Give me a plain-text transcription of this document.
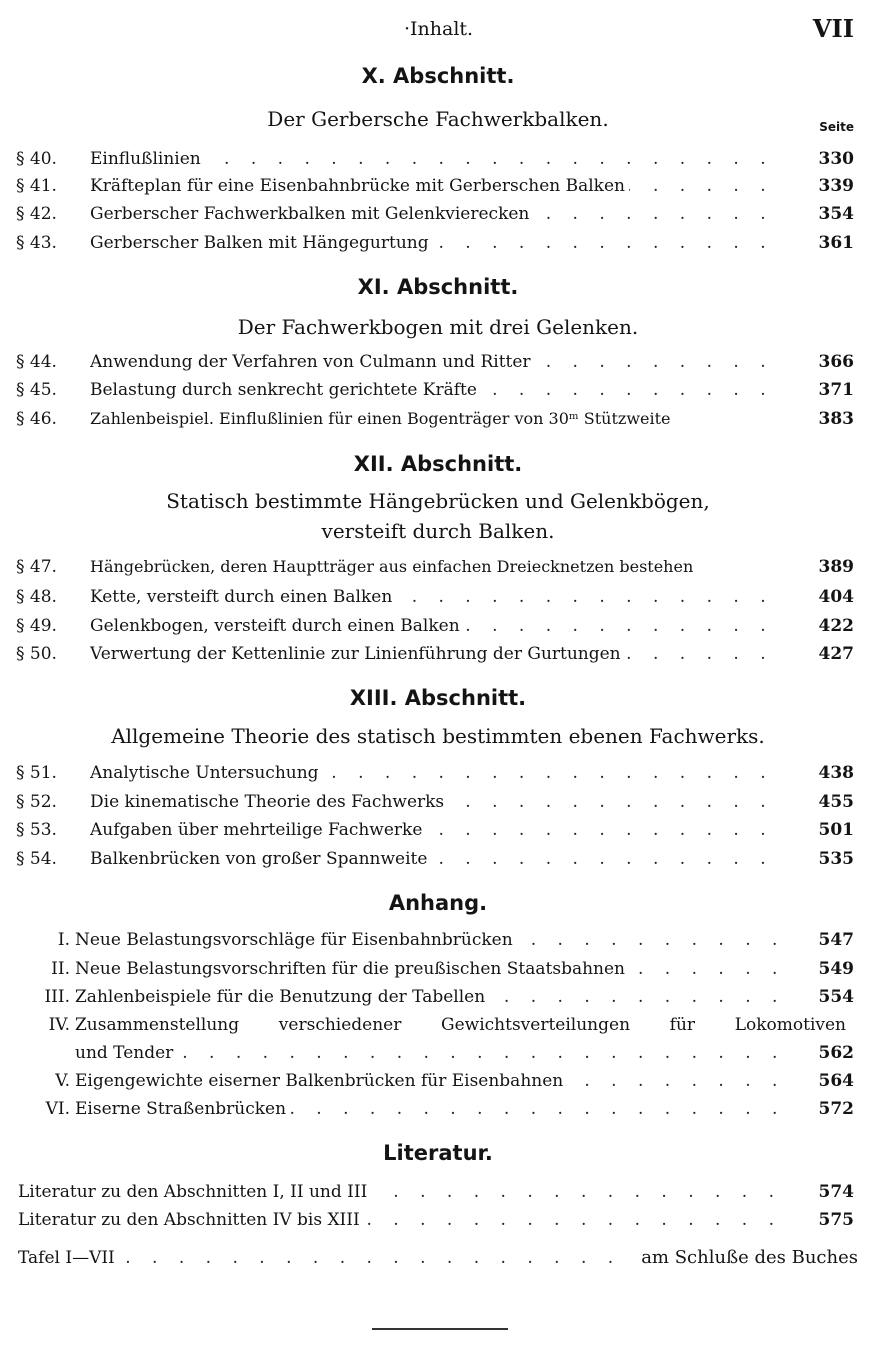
·Inhalt.	VII
X. Abschnitt.
Der Gerbersche Fachwerkbalken.	Seite
§ 40. Einflußlinien . . .	330
§ 41. Kräfteplan für eine Eisenbahnbrücke mit Gerberschen Balken . . .	339
§ 42. Gerberscher Fachwerkbalken mit Gelenkvierecken . . .	354
§ 43. Gerberscher Balken mit Hängegurtung . . .	361
XI. Abschnitt.
Der Fachwerkbogen mit drei Gelenken.
§ 44. Anwendung der Verfahren von Culmann und Ritter . . .	366
§ 45. Belastung durch senkrecht gerichtete Kräfte . . .	371
§ 46. Zahlenbeispiel. Einflußlinien für einen Bogenträger von 30ᵐ Stützweite	383
XII. Abschnitt.
Statisch bestimmte Hängebrücken und Gelenkbögen, versteift durch Balken.
§ 47. Hängebrücken, deren Hauptträger aus einfachen Dreiecknetzen bestehen	389
§ 48. Kette, versteift durch einen Balken . . .	404
§ 49. Gelenkbogen, versteift durch einen Balken . . .	422
§ 50. Verwertung der Kettenlinie zur Linienführung der Gurtungen . . .	427
XIII. Abschnitt.
Allgemeine Theorie des statisch bestimmten ebenen Fachwerks.
§ 51. Analytische Untersuchung . . .	438
§ 52. Die kinematische Theorie des Fachwerks . . .	455
§ 53. Aufgaben über mehrteilige Fachwerke . . .	501
§ 54. Balkenbrücken von großer Spannweite . . .	535
Anhang.
I. Neue Belastungsvorschläge für Eisenbahnbrücken . . .	547
II. Neue Belastungsvorschriften für die preußischen Staatsbahnen . . .	549
III. Zahlenbeispiele für die Benutzung der Tabellen . . .	554
IV. Zusammenstellung verschiedener Gewichtsverteilungen für Lokomotiven
und Tender . . .	562
V. Eigengewichte eiserner Balkenbrücken für Eisenbahnen . . .	564
VI. Eiserne Straßenbrücken . . .	572
Literatur.
Literatur zu den Abschnitten I, II und III . . .	574
Literatur zu den Abschnitten IV bis XIII . . .	575
Tafel I—VII . . .	am Schluße des Buches
